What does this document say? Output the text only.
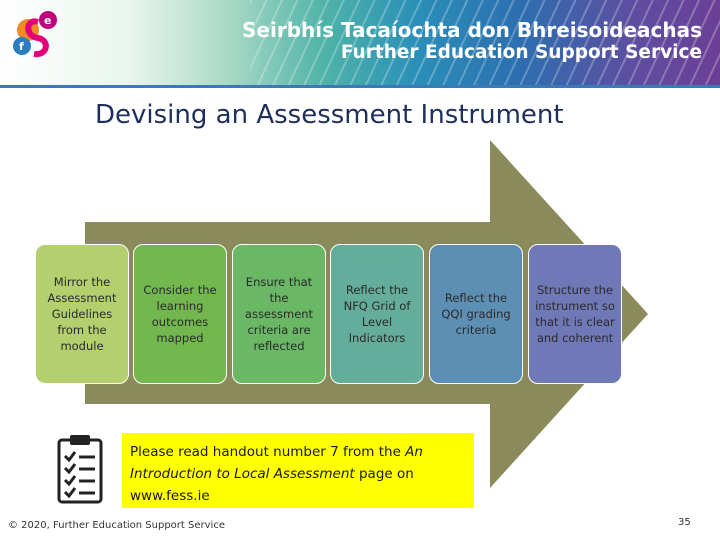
f
e	Seirbhís Tacaíochta don Bhreisoideachas
Further Education Support Service
Devising an Assessment Instrument
Mirror the Assessment Guidelines from the module
Consider the learning outcomes mapped
Ensure that the assessment criteria are reflected
Reflect the NFQ Grid of Level Indicators
Reflect the QQI grading criteria
Structure the instrument so that it is clear and coherent
Please read handout number 7 from the An Introduction to Local Assessment page on www.fess.ie
© 2020, Further Education Support Service	35
